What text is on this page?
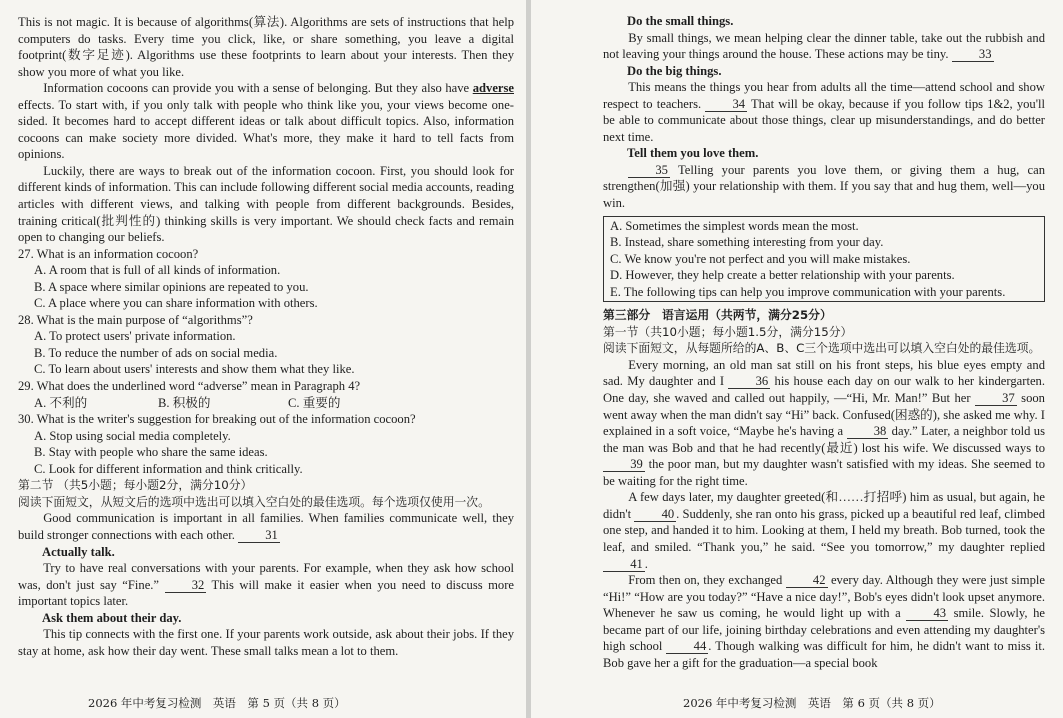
This is not magic. It is because of algorithms(算法). Algorithms are sets of instructions that help computers do tasks. Every time you click, like, or share something, you leave a digital footprint(数字足迹). Algorithms use these footprints to learn about your interests. Then they show you more of what you like.

Information cocoons can provide you with a sense of belonging. But they also have adverse effects. To start with, if you only talk with people who think like you, your views become one-sided. It becomes hard to accept different ideas or talk about difficult topics. Also, information cocoons can make society more divided. What's more, they make it hard to tell facts from opinions.

Luckily, there are ways to break out of the information cocoon. First, you should look for different kinds of information. This can include following different social media accounts, reading articles with different views, and talking with people from different backgrounds. Besides, training critical(批判性的) thinking skills is very important. We should check facts and remain open to changing our beliefs.

27. What is an information cocoon?

A. A room that is full of all kinds of information.

B. A space where similar opinions are repeated to you.

C. A place where you can share information with others.

28. What is the main purpose of “algorithms”?

A. To protect users' private information.

B. To reduce the number of ads on social media.

C. To learn about users' interests and show them what they like.

29. What does the underlined word “adverse” mean in Paragraph 4?

A. 不利的	B. 积极的	C. 重要的

30. What is the writer's suggestion for breaking out of the information cocoon?

A. Stop using social media completely.

B. Stay with people who share the same ideas.

C. Look for different information and think critically.

第二节 （共5小题；每小题2分，满分10分）

阅读下面短文，从短文后的选项中选出可以填入空白处的最佳选项。每个选项仅使用一次。

Good communication is important in all families. When families communicate well, they build stronger connections with each other. 31

Actually talk.

Try to have real conversations with your parents. For example, when they ask how school was, don't just say “Fine.” 32 This will make it easier when you need to discuss more important topics later.

Ask them about their day.

This tip connects with the first one. If your parents work outside, ask about their jobs. If they stay at home, ask how their day went. These small talks mean a lot to them.

2026 年中考复习检测　英语　第 5 页（共 8 页）

Do the small things.

By small things, we mean helping clear the dinner table, take out the rubbish and not leaving your things around the house. These actions may be tiny. 33

Do the big things.

This means the things you hear from adults all the time—attend school and show respect to teachers. 34 That will be okay, because if you follow tips 1&2, you'll be able to communicate about those things, clear up misunderstandings, and do better next time.

Tell them you love them.

35 Telling your parents you love them, or giving them a hug, can strengthen(加强) your relationship with them. If you say that and hug them, well—you win.

A. Sometimes the simplest words mean the most.

B. Instead, share something interesting from your day.

C. We know you're not perfect and you will make mistakes.

D. However, they help create a better relationship with your parents.

E. The following tips can help you improve communication with your parents.

第三部分　语言运用（共两节，满分25分）

第一节（共10小题；每小题1.5分，满分15分）

阅读下面短文，从每题所给的A、B、C三个选项中选出可以填入空白处的最佳选项。

Every morning, an old man sat still on his front steps, his blue eyes empty and sad. My daughter and I 36 his house each day on our walk to her kindergarten. One day, she waved and called out happily, —“Hi, Mr. Man!” But her 37 soon went away when the man didn't say “Hi” back. Confused(困惑的), she asked me why. I explained in a soft voice, “Maybe he's having a 38 day.” Later, a neighbor told us the man was Bob and that he had recently(最近) lost his wife. We discussed ways to 39 the poor man, but my daughter wasn't satisfied with my ideas. She seemed to be waiting for the right time.

A few days later, my daughter greeted(和……打招呼) him as usual, but again, he didn't 40 . Suddenly, she ran onto his grass, picked up a beautiful red leaf, climbed one step, and handed it to him. Looking at them, I held my breath. Bob turned, took the leaf, and smiled. “Thank you,” he said. “See you tomorrow,” my daughter replied 41 .

From then on, they exchanged 42 every day. Although they were just simple “Hi!” “How are you today?” “Have a nice day!”, Bob's eyes didn't look upset anymore. Whenever he saw us coming, he would light up with a 43 smile. Slowly, he became part of our life, joining birthday celebrations and even attending my daughter's high school 44 . Though walking was difficult for him, he didn't want to miss it. Bob gave her a gift for the graduation—a special book

2026 年中考复习检测　英语　第 6 页（共 8 页）
